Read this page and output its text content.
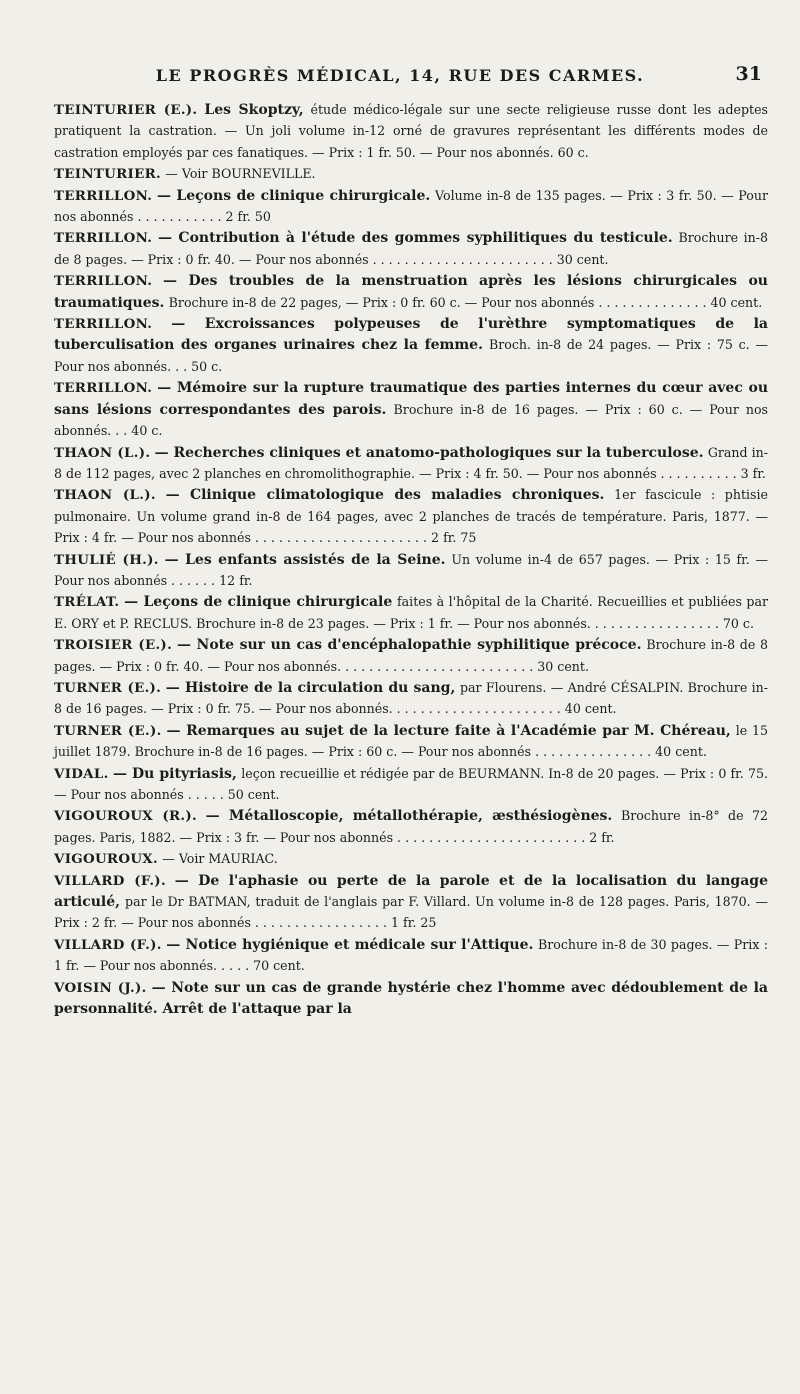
LE PROGRÈS MÉDICAL, 14, RUE DES CARMES.	31

TEINTURIER (E.). Les Skoptzy, étude médico-légale sur une secte religieuse russe dont les adeptes pratiquent la castration. — Un joli volume in-12 orné de gravures représentant les différents modes de castration employés par ces fanatiques. — Prix : 1 fr. 50. — Pour nos abonnés. 60 c.

TEINTURIER. — Voir BOURNEVILLE.

TERRILLON. — Leçons de clinique chirurgicale. Volume in-8 de 135 pages. — Prix : 3 fr. 50. — Pour nos abonnés . . . . . . . . . . . 2 fr. 50

TERRILLON. — Contribution à l'étude des gommes syphilitiques du testicule. Brochure in-8 de 8 pages. — Prix : 0 fr. 40. — Pour nos abonnés . . . . . . . . . . . . . . . . . . . . . . . 30 cent.

TERRILLON. — Des troubles de la menstruation après les lésions chirurgicales ou traumatiques. Brochure in-8 de 22 pages, — Prix : 0 fr. 60 c. — Pour nos abonnés . . . . . . . . . . . . . . 40 cent.

TERRILLON. — Excroissances polypeuses de l'urèthre symptomatiques de la tuberculisation des organes urinaires chez la femme. Broch. in-8 de 24 pages. — Prix : 75 c. — Pour nos abonnés. . . 50 c.

TERRILLON. — Mémoire sur la rupture traumatique des parties internes du cœur avec ou sans lésions correspondantes des parois. Brochure in-8 de 16 pages. — Prix : 60 c. — Pour nos abonnés. . . 40 c.

THAON (L.). — Recherches cliniques et anatomo-pathologiques sur la tuberculose. Grand in-8 de 112 pages, avec 2 planches en chromolithographie. — Prix : 4 fr. 50. — Pour nos abonnés . . . . . . . . . . 3 fr.

THAON (L.). — Clinique climatologique des maladies chroniques. 1er fascicule : phtisie pulmonaire. Un volume grand in-8 de 164 pages, avec 2 planches de tracés de température. Paris, 1877. — Prix : 4 fr. — Pour nos abonnés . . . . . . . . . . . . . . . . . . . . . . 2 fr. 75

THULIÉ (H.). — Les enfants assistés de la Seine. Un volume in-4 de 657 pages. — Prix : 15 fr. — Pour nos abonnés . . . . . . 12 fr.

TRÉLAT. — Leçons de clinique chirurgicale faites à l'hôpital de la Charité. Recueillies et publiées par E. ORY et P. RECLUS. Brochure in-8 de 23 pages. — Prix : 1 fr. — Pour nos abonnés. . . . . . . . . . . . . . . . . 70 c.

TROISIER (E.). — Note sur un cas d'encéphalopathie syphilitique précoce. Brochure in-8 de 8 pages. — Prix : 0 fr. 40. — Pour nos abonnés. . . . . . . . . . . . . . . . . . . . . . . . . 30 cent.

TURNER (E.). — Histoire de la circulation du sang, par Flourens. — André CÉSALPIN. Brochure in-8 de 16 pages. — Prix : 0 fr. 75. — Pour nos abonnés. . . . . . . . . . . . . . . . . . . . . . 40 cent.

TURNER (E.). — Remarques au sujet de la lecture faite à l'Académie par M. Chéreau, le 15 juillet 1879. Brochure in-8 de 16 pages. — Prix : 60 c. — Pour nos abonnés . . . . . . . . . . . . . . . 40 cent.

VIDAL. — Du pityriasis, leçon recueillie et rédigée par de BEURMANN. In-8 de 20 pages. — Prix : 0 fr. 75. — Pour nos abonnés . . . . . 50 cent.

VIGOUROUX (R.). — Métalloscopie, métallothérapie, æsthésiogènes. Brochure in-8° de 72 pages. Paris, 1882. — Prix : 3 fr. — Pour nos abonnés . . . . . . . . . . . . . . . . . . . . . . . . 2 fr.

VIGOUROUX. — Voir MAURIAC.

VILLARD (F.). — De l'aphasie ou perte de la parole et de la localisation du langage articulé, par le Dr BATMAN, traduit de l'anglais par F. Villard. Un volume in-8 de 128 pages. Paris, 1870. — Prix : 2 fr. — Pour nos abonnés . . . . . . . . . . . . . . . . . 1 fr. 25

VILLARD (F.). — Notice hygiénique et médicale sur l'Attique. Brochure in-8 de 30 pages. — Prix : 1 fr. — Pour nos abonnés. . . . . 70 cent.

VOISIN (J.). — Note sur un cas de grande hystérie chez l'homme avec dédoublement de la personnalité. Arrêt de l'attaque par la
